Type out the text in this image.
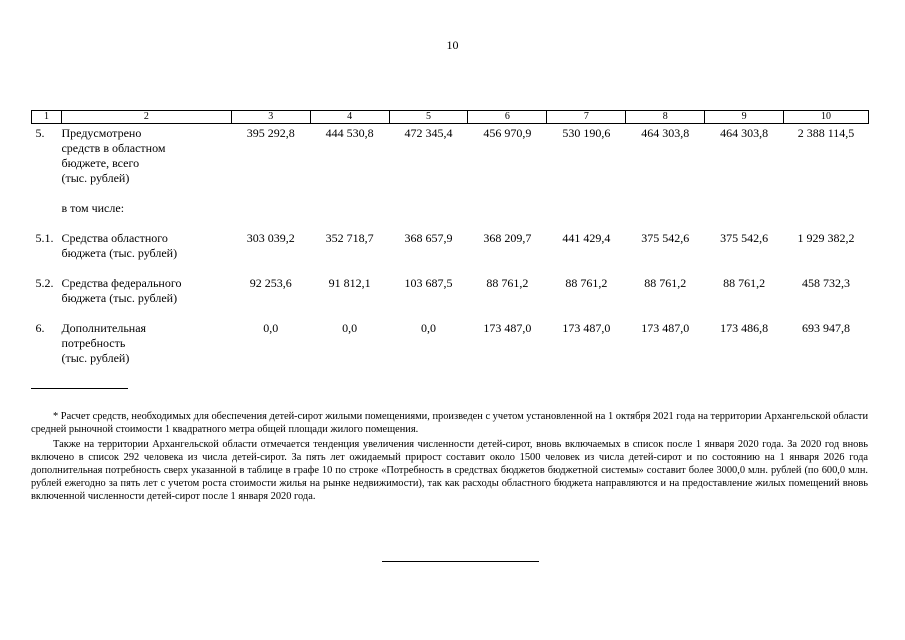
10
1	2	3	4	5	6	7	8	9	10
5.	Предусмотрено
средств в областном
бюджете, всего
(тыс. рублей)	395 292,8	444 530,8	472 345,4	456 970,9	530 190,6	464 303,8	464 303,8	2 388 114,5

	в том числе:								

5.1.	Средства областного
бюджета (тыс. рублей)	303 039,2	352 718,7	368 657,9	368 209,7	441 429,4	375 542,6	375 542,6	1 929 382,2
5.2.	Средства федерального
бюджета (тыс. рублей)	92 253,6	91 812,1	103 687,5	88 761,2	88 761,2	88 761,2	88 761,2	458 732,3
6.	Дополнительная
потребность
(тыс. рублей)	0,0	0,0	0,0	173 487,0	173 487,0	173 487,0	173 486,8	693 947,8

* Расчет средств, необходимых для обеспечения детей-сирот жилыми помещениями, произведен с учетом установленной на 1 октября 2021 года на территории Архангельской области средней рыночной стоимости 1 квадратного метра общей площади жилого помещения.

Также на территории Архангельской области отмечается тенденция увеличения численности детей-сирот, вновь включаемых в список после 1 января 2020 года. За 2020 год вновь включено в список 292 человека из числа детей-сирот. За пять лет ожидаемый прирост составит около 1500 человек из числа детей-сирот и по состоянию на 1 января 2026 года дополнительная потребность сверх указанной в таблице в графе 10 по строке «Потребность в средствах бюджетов бюджетной системы» составит более 3000,0 млн. рублей (по 600,0 млн. рублей ежегодно за пять лет с учетом роста стоимости жилья на рынке недвижимости), так как расходы областного бюджета направляются и на предоставление жилых помещений вновь включенной численности детей-сирот после 1 января 2020 года.
